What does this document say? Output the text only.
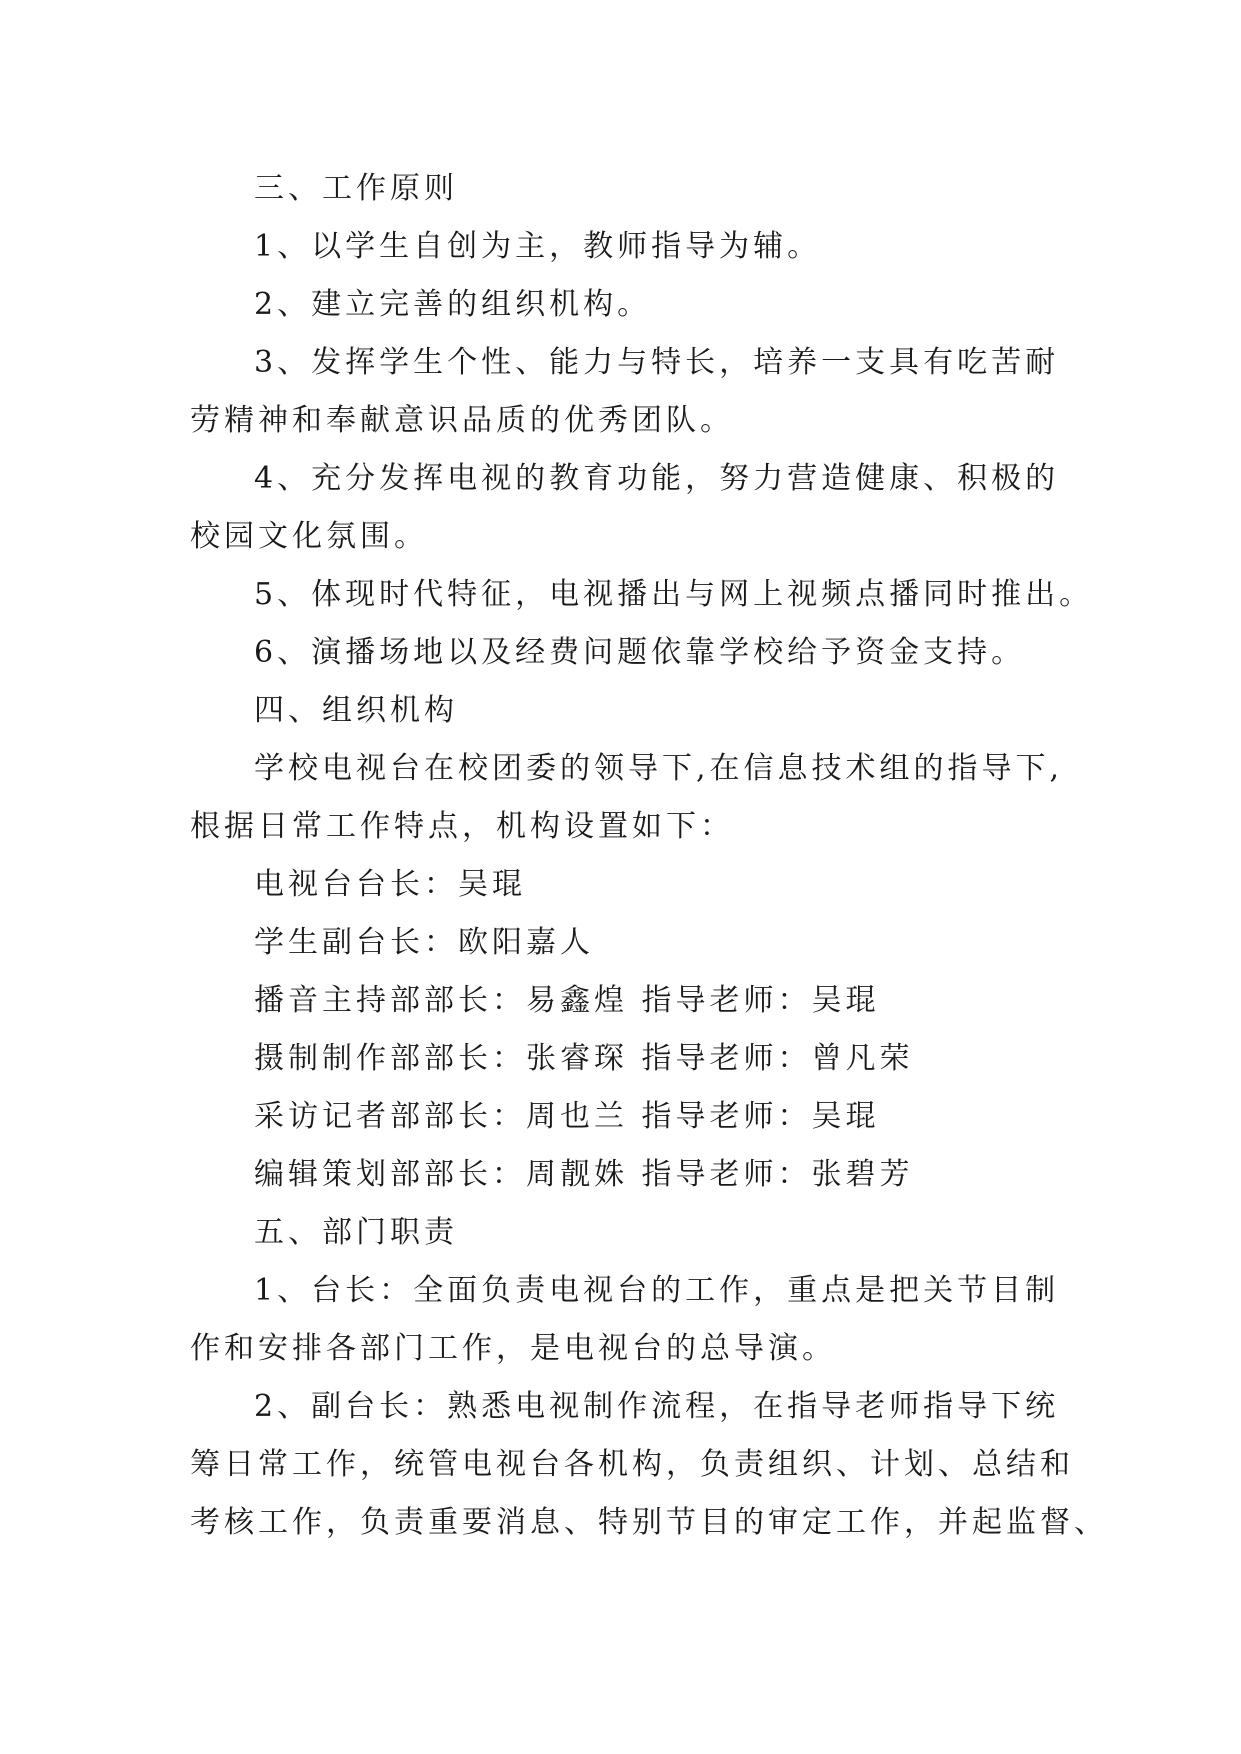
三、工作原则
1、以学生自创为主，教师指导为辅。
2、建立完善的组织机构。
3、发挥学生个性、能力与特长，培养一支具有吃苦耐
劳精神和奉献意识品质的优秀团队。
4、充分发挥电视的教育功能，努力营造健康、积极的
校园文化氛围。
5、体现时代特征，电视播出与网上视频点播同时推出。
6、演播场地以及经费问题依靠学校给予资金支持。
四、组织机构
学校电视台在校团委的领导下,在信息技术组的指导下,
根据日常工作特点，机构设置如下：
电视台台长：吴琨
学生副台长：欧阳嘉人
播音主持部部长：易鑫煌 指导老师：吴琨
摄制制作部部长：张睿琛 指导老师：曾凡荣
采访记者部部长：周也兰 指导老师：吴琨
编辑策划部部长：周靓姝 指导老师：张碧芳
五、部门职责
1、台长：全面负责电视台的工作，重点是把关节目制
作和安排各部门工作，是电视台的总导演。
2、副台长：熟悉电视制作流程，在指导老师指导下统
筹日常工作，统管电视台各机构，负责组织、计划、总结和
考核工作，负责重要消息、特别节目的审定工作，并起监督、
